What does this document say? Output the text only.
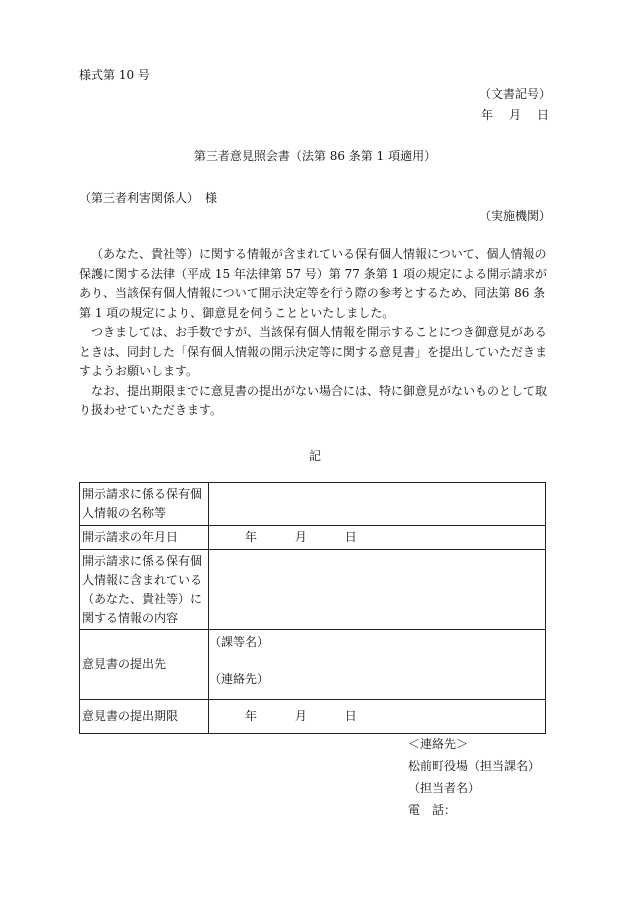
様式第 10 号
（文書記号）
年　月　日
第三者意見照会書（法第 86 条第 1 項適用）
（第三者利害関係人）　様
（実施機関）

（あなた、貴社等）に関する情報が含まれている保有個人情報について、個人情報の保護に関する法律（平成 15 年法律第 57 号）第 77 条第 1 項の規定による開示請求があり、当該保有個人情報について開示決定等を行う際の参考とするため、同法第 86 条第 1 項の規定により、御意見を伺うことといたしました。

つきましては、お手数ですが、当該保有個人情報を開示することにつき御意見があるときは、同封した「保有個人情報の開示決定等に関する意見書」を提出していただきますようお願いします。

なお、提出期限までに意見書の提出がない場合には、特に御意見がないものとして取り扱わせていただきます。

記
開示請求に係る保有個人情報の名称等	
開示請求の年月日	年 月 日
開示請求に係る保有個人情報に含まれている（あなた、貴社等）に関する情報の内容	
意見書の提出先	（課等名）
（連絡先）

意見書の提出期限	年 月 日

＜連絡先＞

松前町役場（担当課名）

（担当者名）

電　話：
